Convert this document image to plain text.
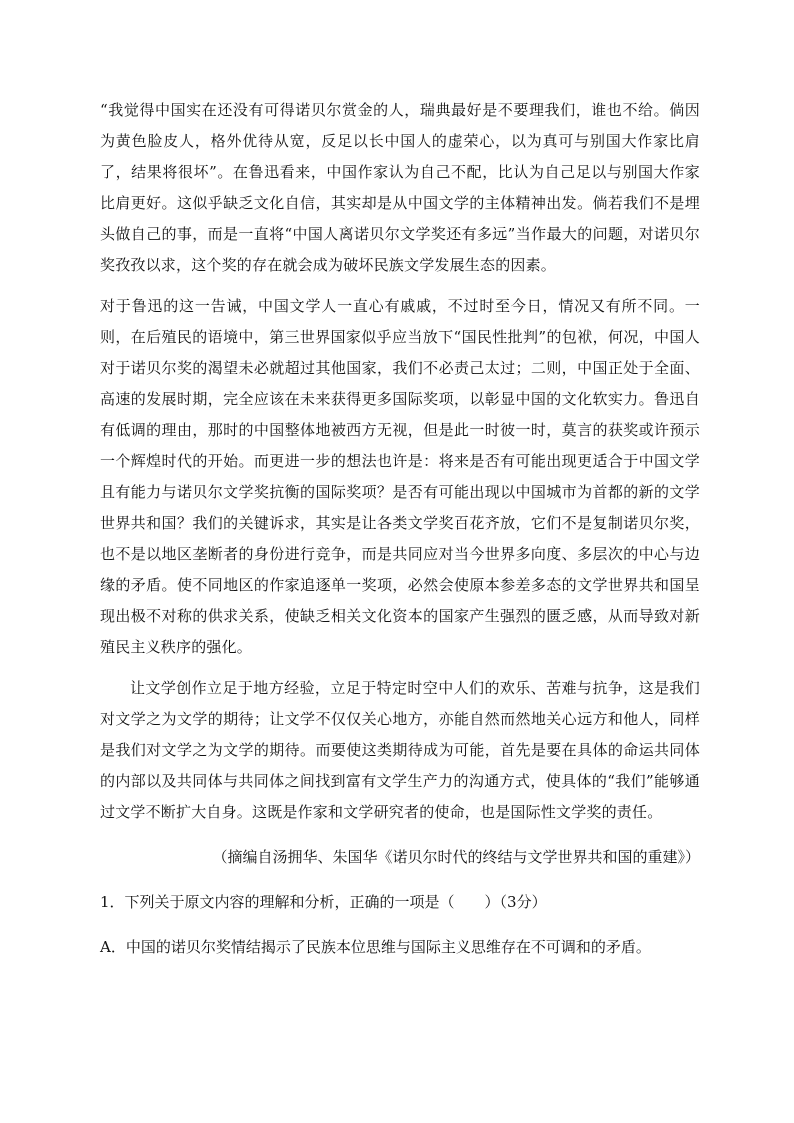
“我觉得中国实在还没有可得诺贝尔赏金的人，瑞典最好是不要理我们，谁也不给。倘因为黄色脸皮人，格外优待从宽，反足以长中国人的虚荣心，以为真可与别国大作家比肩了，结果将很坏”。在鲁迅看来，中国作家认为自己不配，比认为自己足以与别国大作家比肩更好。这似乎缺乏文化自信，其实却是从中国文学的主体精神出发。倘若我们不是埋头做自己的事，而是一直将“中国人离诺贝尔文学奖还有多远”当作最大的问题，对诺贝尔奖孜孜以求，这个奖的存在就会成为破坏民族文学发展生态的因素。

对于鲁迅的这一告诫，中国文学人一直心有戚戚，不过时至今日，情况又有所不同。一则，在后殖民的语境中，第三世界国家似乎应当放下“国民性批判”的包袱，何况，中国人对于诺贝尔奖的渴望未必就超过其他国家，我们不必责己太过；二则，中国正处于全面、高速的发展时期，完全应该在未来获得更多国际奖项，以彰显中国的文化软实力。鲁迅自有低调的理由，那时的中国整体地被西方无视，但是此一时彼一时，莫言的获奖或许预示一个辉煌时代的开始。而更进一步的想法也许是：将来是否有可能出现更适合于中国文学且有能力与诺贝尔文学奖抗衡的国际奖项？是否有可能出现以中国城市为首都的新的文学世界共和国？我们的关键诉求，其实是让各类文学奖百花齐放，它们不是复制诺贝尔奖，也不是以地区垄断者的身份进行竞争，而是共同应对当今世界多向度、多层次的中心与边缘的矛盾。使不同地区的作家追逐单一奖项，必然会使原本参差多态的文学世界共和国呈现出极不对称的供求关系，使缺乏相关文化资本的国家产生强烈的匮乏感，从而导致对新殖民主义秩序的强化。

让文学创作立足于地方经验，立足于特定时空中人们的欢乐、苦难与抗争，这是我们对文学之为文学的期待；让文学不仅仅关心地方，亦能自然而然地关心远方和他人，同样是我们对文学之为文学的期待。而要使这类期待成为可能，首先是要在具体的命运共同体的内部以及共同体与共同体之间找到富有文学生产力的沟通方式，使具体的“我们”能够通过文学不断扩大自身。这既是作家和文学研究者的使命，也是国际性文学奖的责任。

（摘编自汤拥华、朱国华《诺贝尔时代的终结与文学世界共和国的重建》）

1．下列关于原文内容的理解和分析，正确的一项是（　　）（3分）

A．中国的诺贝尔奖情结揭示了民族本位思维与国际主义思维存在不可调和的矛盾。
